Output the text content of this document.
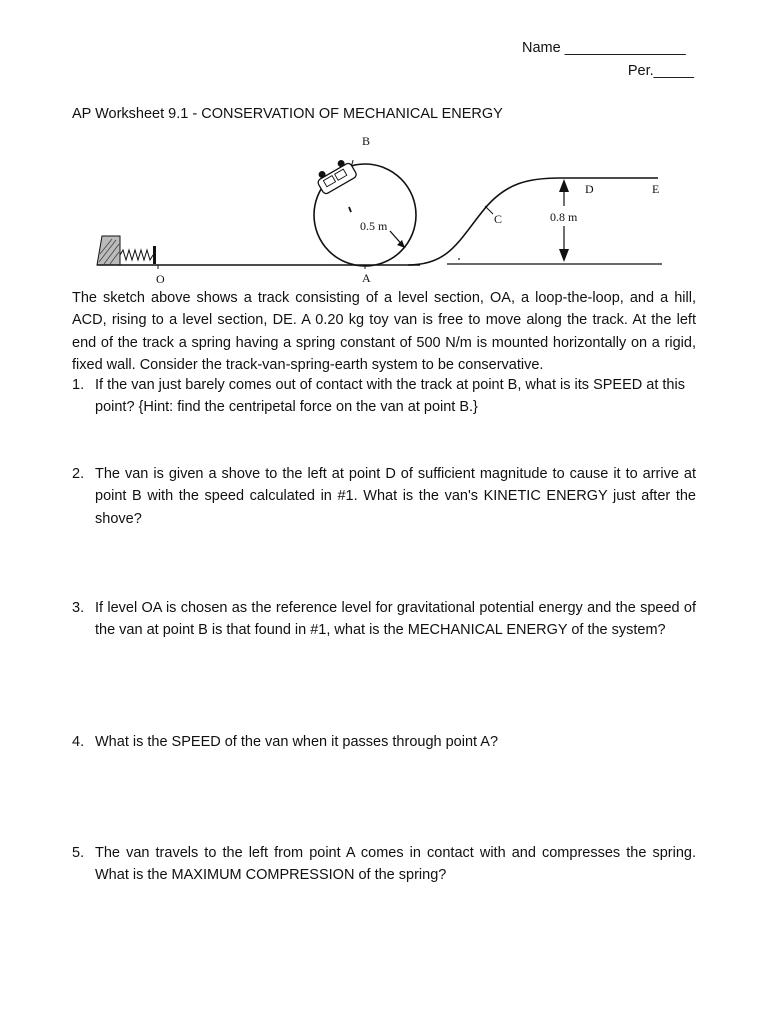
Name _______________
Per._____
AP Worksheet 9.1 - CONSERVATION OF MECHANICAL ENERGY
B
O	A
C
D	E
0.5 m
0.8 m
The sketch above shows a track consisting of a level section, OA, a loop-the-loop, and a hill, ACD, rising to a level section, DE. A 0.20 kg toy van is free to move along the track. At the left end of the track a spring having a spring constant of 500 N/m is mounted horizontally on a rigid, fixed wall. Consider the track-van-spring-earth system to be conservative.
1. If the van just barely comes out of contact with the track at point B, what is its SPEED at this point? {Hint: find the centripetal force on the van at point B.}
2. The van is given a shove to the left at point D of sufficient magnitude to cause it to arrive at point B with the speed calculated in #1. What is the van's KINETIC ENERGY just after the shove?
3. If level OA is chosen as the reference level for gravitational potential energy and the speed of the van at point B is that found in #1, what is the MECHANICAL ENERGY of the system?
4. What is the SPEED of the van when it passes through point A?
5. The van travels to the left from point A comes in contact with and compresses the spring. What is the MAXIMUM COMPRESSION of the spring?
